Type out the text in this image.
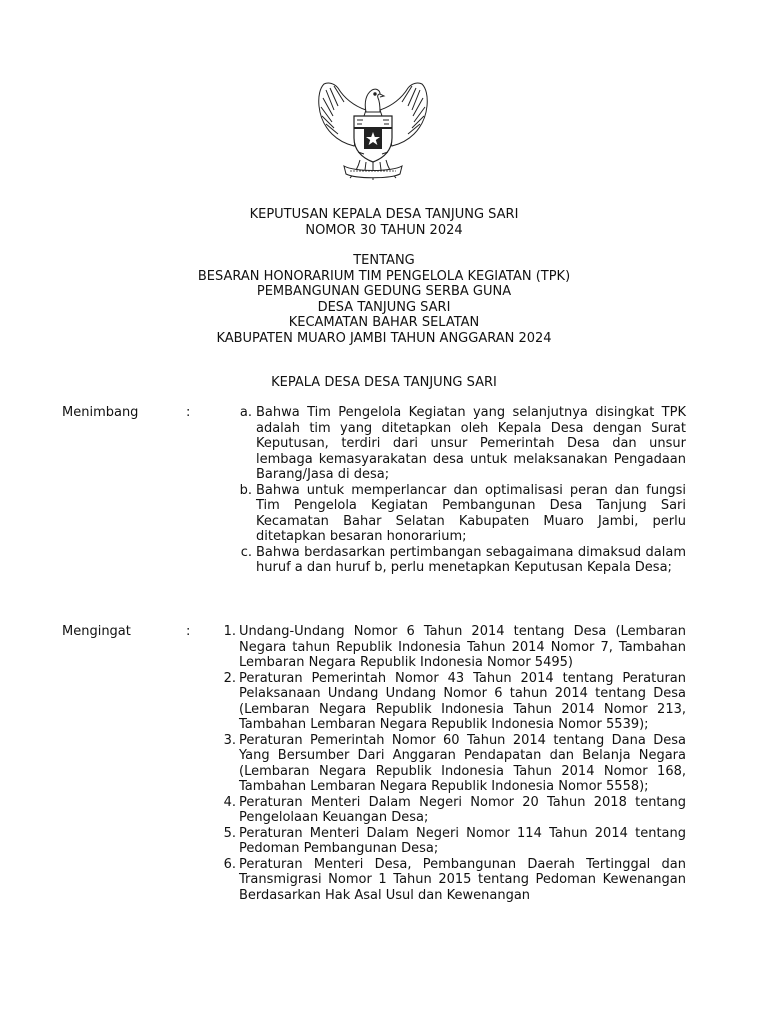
KEPUTUSAN KEPALA DESA TANJUNG SARI
NOMOR 30 TAHUN 2024
TENTANG
BESARAN HONORARIUM TIM PENGELOLA KEGIATAN (TPK)
PEMBANGUNAN GEDUNG SERBA GUNA
DESA TANJUNG SARI
KECAMATAN BAHAR SELATAN
KABUPATEN MUARO JAMBI TAHUN ANGGARAN 2024
KEPALA DESA DESA TANJUNG SARI
Menimbang	:	a. Bahwa Tim Pengelola Kegiatan yang selanjutnya disingkat TPK adalah tim yang ditetapkan oleh Kepala Desa dengan Surat Keputusan, terdiri dari unsur Pemerintah Desa dan unsur lembaga kemasyarakatan desa untuk melaksanakan Pengadaan Barang/Jasa di desa;
b. Bahwa untuk memperlancar dan optimalisasi peran dan fungsi Tim Pengelola Kegiatan Pembangunan Desa Tanjung Sari Kecamatan Bahar Selatan Kabupaten Muaro Jambi, perlu ditetapkan besaran honorarium;
c. Bahwa berdasarkan pertimbangan sebagaimana dimaksud dalam huruf a dan huruf b, perlu menetapkan Keputusan Kepala Desa;
Mengingat	:	1. Undang-Undang Nomor 6 Tahun 2014 tentang Desa (Lembaran Negara tahun Republik Indonesia Tahun 2014 Nomor 7, Tambahan Lembaran Negara Republik Indonesia Nomor 5495)
2. Peraturan Pemerintah Nomor 43 Tahun 2014 tentang Peraturan Pelaksanaan Undang Undang Nomor 6 tahun 2014 tentang Desa (Lembaran Negara Republik Indonesia Tahun 2014 Nomor 213, Tambahan Lembaran Negara Republik Indonesia Nomor 5539);
3. Peraturan Pemerintah Nomor 60 Tahun 2014 tentang Dana Desa Yang Bersumber Dari Anggaran Pendapatan dan Belanja Negara (Lembaran Negara Republik Indonesia Tahun 2014 Nomor 168, Tambahan Lembaran Negara Republik Indonesia Nomor 5558);
4. Peraturan Menteri Dalam Negeri Nomor 20 Tahun 2018 tentang Pengelolaan Keuangan Desa;
5. Peraturan Menteri Dalam Negeri Nomor 114 Tahun 2014 tentang Pedoman Pembangunan Desa;
6. Peraturan Menteri Desa, Pembangunan Daerah Tertinggal dan Transmigrasi Nomor 1 Tahun 2015 tentang Pedoman Kewenangan Berdasarkan Hak Asal Usul dan Kewenangan
